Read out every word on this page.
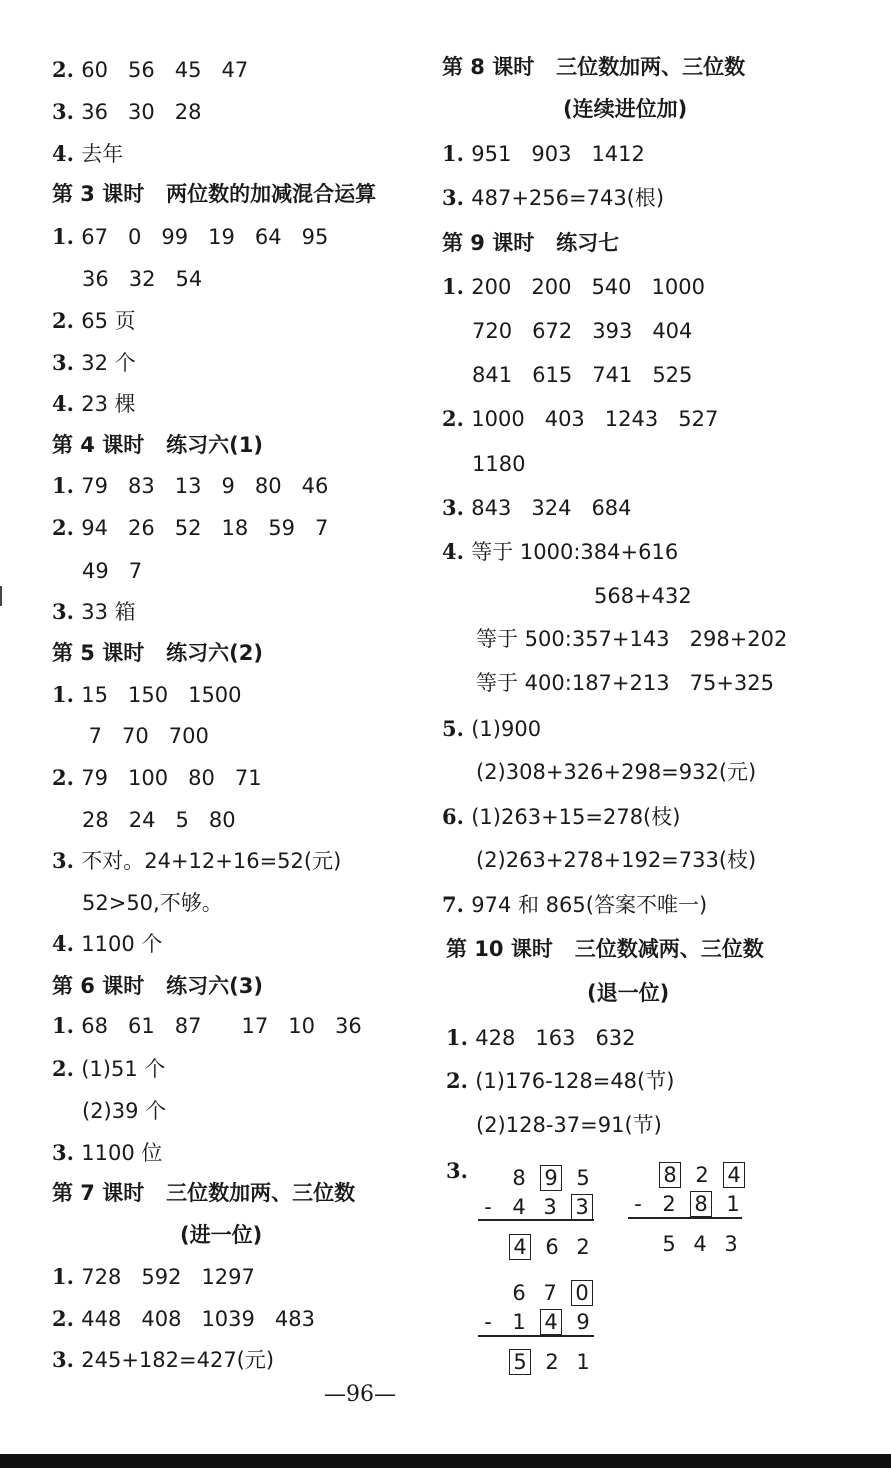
2. 60   56   45   47
3. 36   30   28
4. 去年
第 3 课时   两位数的加减混合运算
1. 67   0   99   19   64   95
36   32   54
2. 65 页
3. 32 个
4. 23 棵
第 4 课时   练习六(1)
1. 79   83   13   9   80   46
2. 94   26   52   18   59   7
49   7
3. 33 箱
第 5 课时   练习六(2)
1. 15   150   1500
7   70   700
2. 79   100   80   71
28   24   5   80
3. 不对。24+12+16=52(元)
52>50,不够。
4. 1100 个
第 6 课时   练习六(3)
1. 68   61   87      17   10   36
2. (1)51 个
(2)39 个
3. 1100 位
第 7 课时   三位数加两、三位数
(进一位)
1. 728   592   1297
2. 448   408   1039   483
3. 245+182=427(元)
第 8 课时   三位数加两、三位数
(连续进位加)
1. 951   903   1412
3. 487+256=743(根)
第 9 课时   练习七
1. 200   200   540   1000
720   672   393   404
841   615   741   525
2. 1000   403   1243   527
1180
3. 843   324   684
4. 等于 1000:384+616
568+432
等于 500:357+143   298+202
等于 400:187+213   75+325
5. (1)900
(2)308+326+298=932(元)
6. (1)263+15=278(枝)
(2)263+278+192=733(枝)
7. 974 和 865(答案不唯一)
第 10 课时   三位数减两、三位数
(退一位)
1. 428   163   632
2. (1)176-128=48(节)
(2)128-37=91(节)
3.	8 9 5
- 4 3 3
4 6 2
8 2 4
- 2 8 1
5 4 3
6 7 0
- 1 4 9
5 2 1
—96—
